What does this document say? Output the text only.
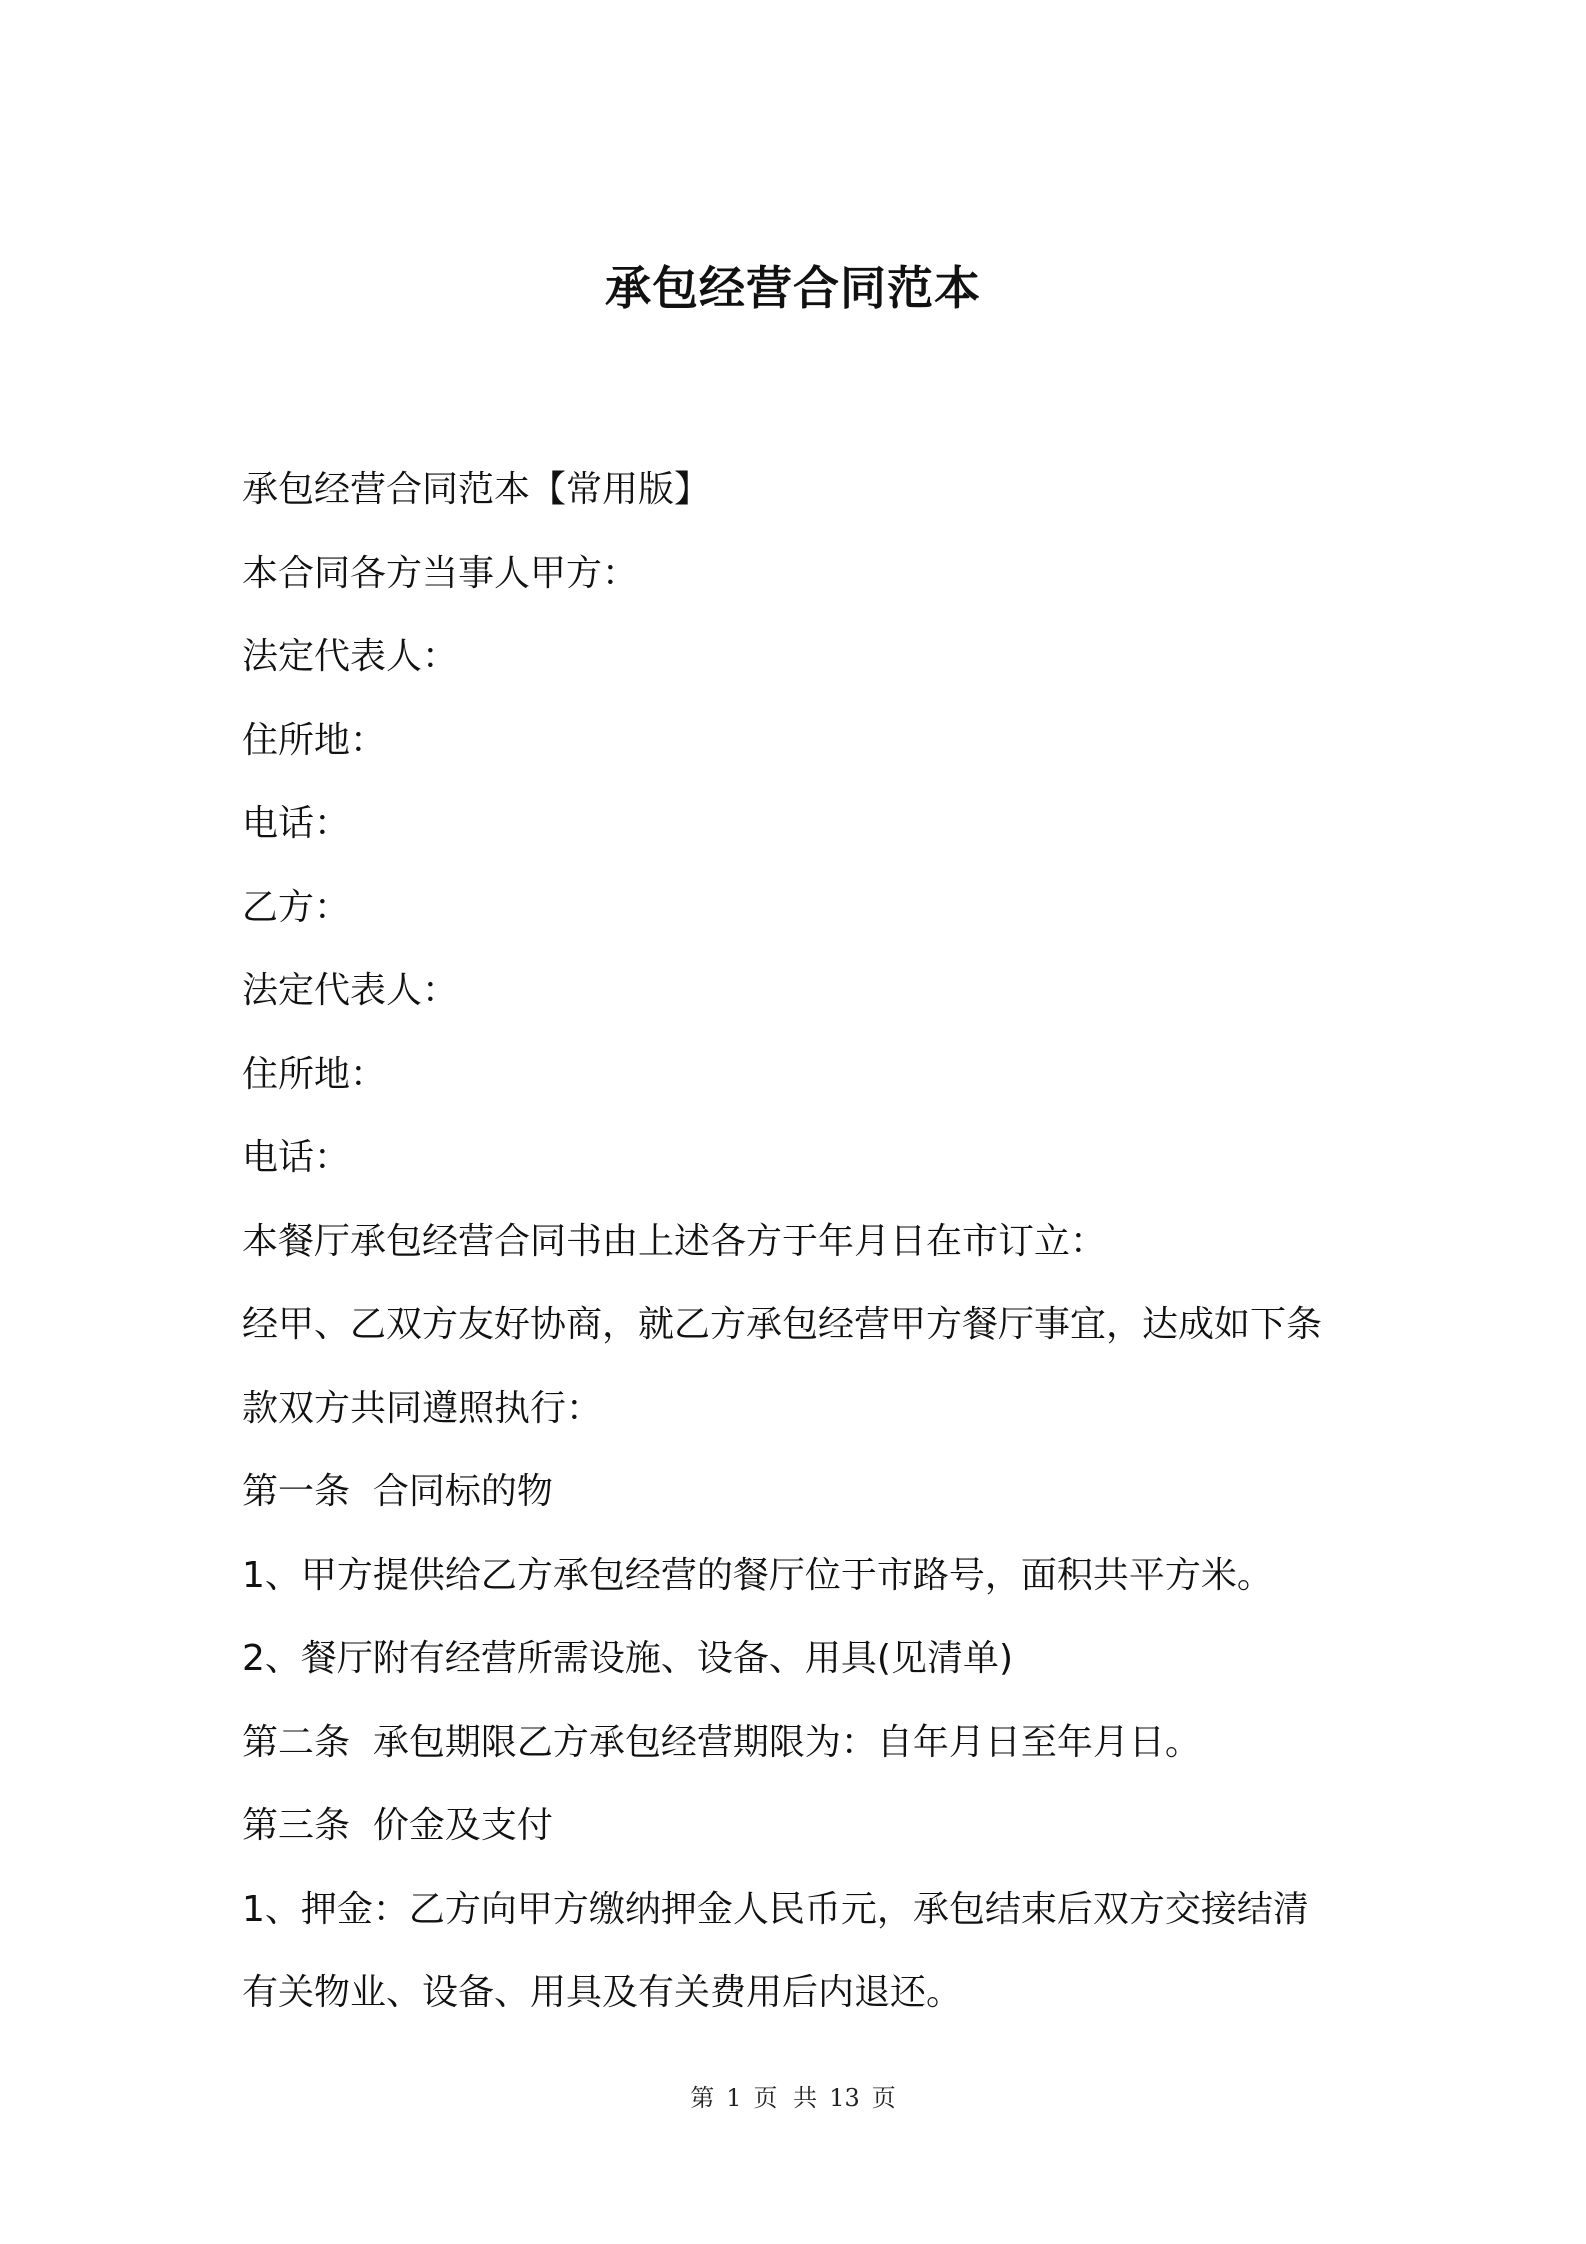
承包经营合同范本

承包经营合同范本【常用版】

本合同各方当事人甲方：

法定代表人：

住所地：

电话：

乙方：

法定代表人：

住所地：

电话：

本餐厅承包经营合同书由上述各方于年月日在市订立：

经甲、乙双方友好协商，就乙方承包经营甲方餐厅事宜，达成如下条

款双方共同遵照执行：

第一条  合同标的物

1、甲方提供给乙方承包经营的餐厅位于市路号，面积共平方米。

2、餐厅附有经营所需设施、设备、用具(见清单)

第二条  承包期限乙方承包经营期限为：自年月日至年月日。

第三条  价金及支付

1、押金：乙方向甲方缴纳押金人民币元，承包结束后双方交接结清

有关物业、设备、用具及有关费用后内退还。

第 1 页 共 13 页
